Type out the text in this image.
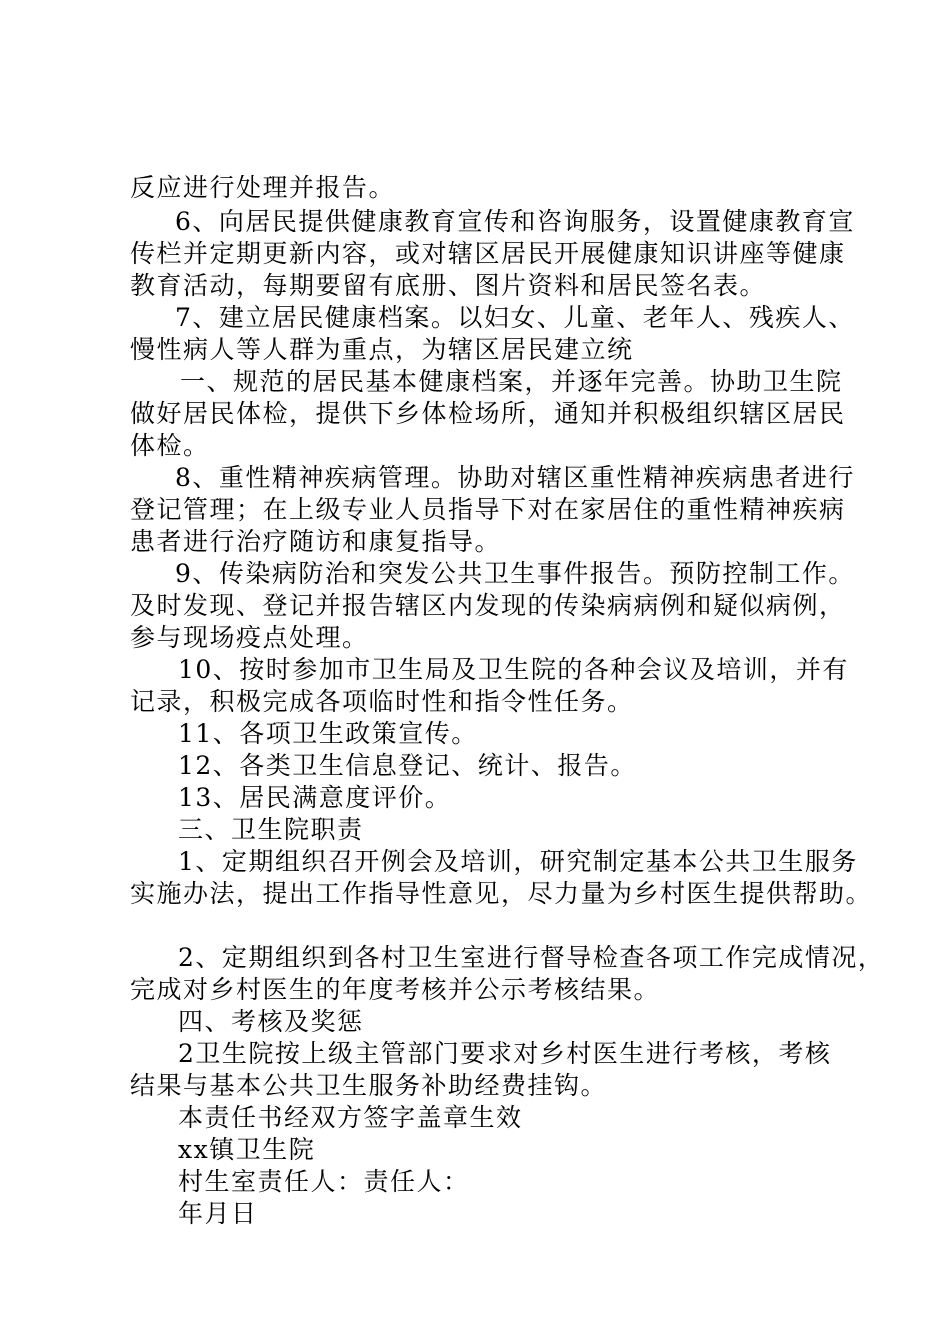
反应进行处理并报告。
6、向居民提供健康教育宣传和咨询服务，设置健康教育宣
传栏并定期更新内容，或对辖区居民开展健康知识讲座等健康
教育活动，每期要留有底册、图片资料和居民签名表。
7、建立居民健康档案。以妇女、儿童、老年人、残疾人、
慢性病人等人群为重点，为辖区居民建立统
一、规范的居民基本健康档案，并逐年完善。协助卫生院
做好居民体检，提供下乡体检场所，通知并积极组织辖区居民
体检。
8、重性精神疾病管理。协助对辖区重性精神疾病患者进行
登记管理；在上级专业人员指导下对在家居住的重性精神疾病
患者进行治疗随访和康复指导。
9、传染病防治和突发公共卫生事件报告。预防控制工作。
及时发现、登记并报告辖区内发现的传染病病例和疑似病例，
参与现场疫点处理。
10、按时参加市卫生局及卫生院的各种会议及培训，并有
记录，积极完成各项临时性和指令性任务。
11、各项卫生政策宣传。
12、各类卫生信息登记、统计、报告。
13、居民满意度评价。
三、卫生院职责
1、定期组织召开例会及培训，研究制定基本公共卫生服务
实施办法，提出工作指导性意见，尽力量为乡村医生提供帮助。
2、定期组织到各村卫生室进行督导检查各项工作完成情况，
完成对乡村医生的年度考核并公示考核结果。
四、考核及奖惩
2卫生院按上级主管部门要求对乡村医生进行考核，考核
结果与基本公共卫生服务补助经费挂钩。
本责任书经双方签字盖章生效
xx镇卫生院
村生室责任人：责任人：
年月日
